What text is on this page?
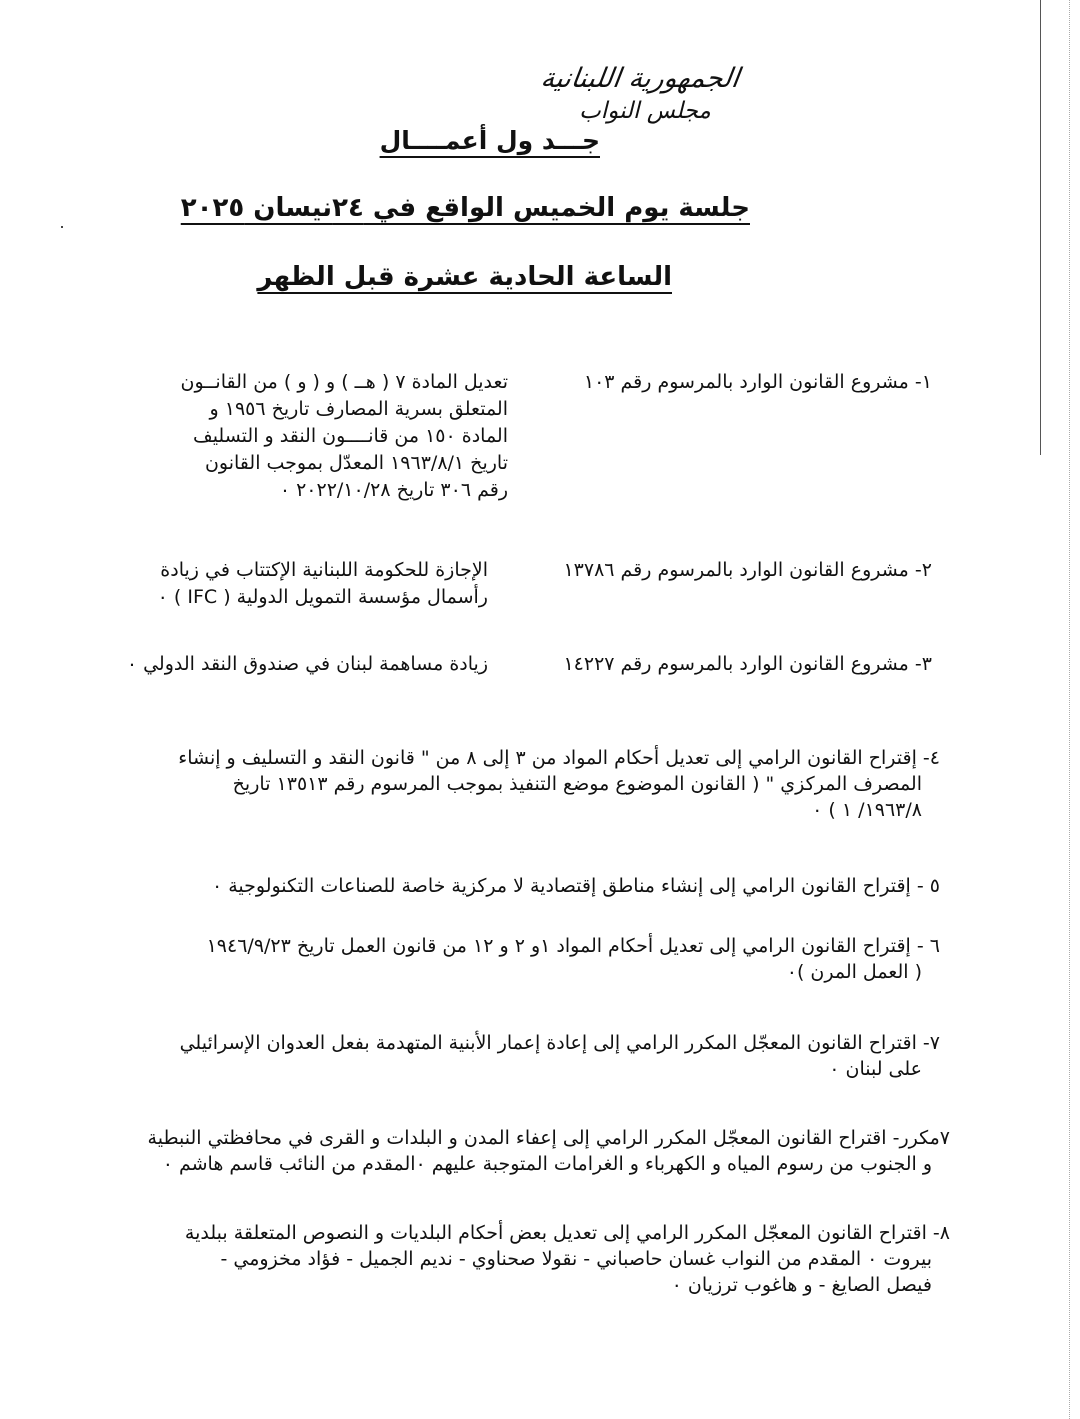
الجمهورية اللبنانية
مجلس النواب
جـــد ول أعمــــال
جلسة يوم الخميس الواقع في ٢٤نيسان ٢٠٢٥
الساعة الحادية عشرة قبل الظهر
١- مشروع القانون الوارد بالمرسوم رقم ١٠٣
تعديل المادة ٧ ( هــ ) و ( و ) من القانــون
المتعلق بسرية المصارف تاريخ ١٩٥٦ و
المادة ١٥٠ من قانــــون النقد و التسليف
تاريخ ١٩٦٣/٨/١ المعدّل بموجب القانون
رقم ٣٠٦ تاريخ ٢٠٢٢/١٠/٢٨ ٠
٢- مشروع القانون الوارد بالمرسوم رقم ١٣٧٨٦
الإجازة للحكومة اللبنانية الإكتتاب في زيادة
رأسمال مؤسسة التمويل الدولية ( IFC ) ٠
٣- مشروع القانون الوارد بالمرسوم رقم ١٤٢٢٧
زيادة مساهمة لبنان في صندوق النقد الدولي ٠
٤- إقتراح القانون الرامي إلى تعديل أحكام المواد من ٣ إلى ٨ من " قانون النقد و التسليف و إنشاء
المصرف المركزي " ( القانون الموضوع موضع التنفيذ بموجب المرسوم رقم ١٣٥١٣ تاريخ
١٩٦٣/٨/ ١ ) ٠
٥ - إقتراح القانون الرامي إلى إنشاء مناطق إقتصادية لا مركزية خاصة للصناعات التكنولوجية ٠
٦ - إقتراح القانون الرامي إلى تعديل أحكام المواد ١و ٢ و ١٢ من قانون العمل تاريخ ١٩٤٦/٩/٢٣
( العمل المرن )٠
٧- اقتراح القانون المعجّل المكرر الرامي إلى إعادة إعمار الأبنية المتهدمة بفعل العدوان الإسرائيلي
على لبنان ٠
٧مكرر- اقتراح القانون المعجّل المكرر الرامي إلى إعفاء المدن و البلدات و القرى في محافظتي النبطية
و الجنوب من رسوم المياه و الكهرباء و الغرامات المتوجبة عليهم ٠المقدم من النائب قاسم هاشم ٠
٨- اقتراح القانون المعجّل المكرر الرامي إلى تعديل بعض أحكام البلديات و النصوص المتعلقة ببلدية
بيروت ٠ المقدم من النواب غسان حاصباني - نقولا صحناوي - نديم الجميل - فؤاد مخزومي -
فيصل الصايغ - و هاغوب ترزيان ٠
